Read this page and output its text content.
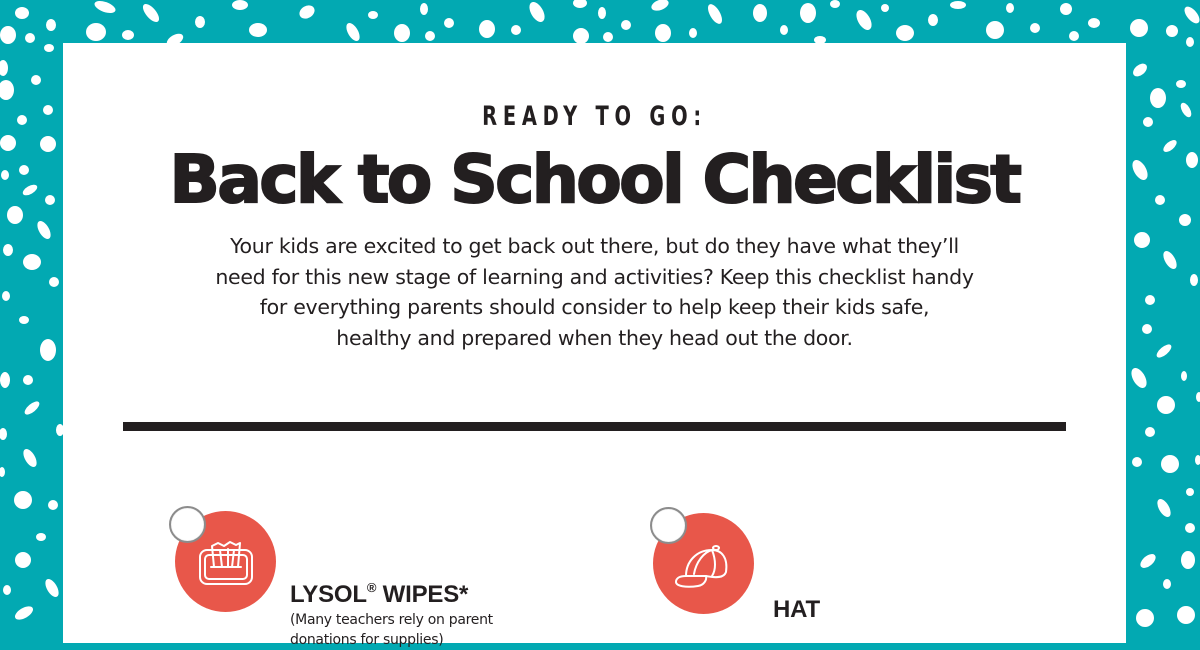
READY TO GO:
Back to School Checklist

Your kids are excited to get back out there, but do they have what they’ll
need for this new stage of learning and activities? Keep this checklist handy
for everything parents should consider to help keep their kids safe,
healthy and prepared when they head out the door.

LYSOL® WIPES*
(Many teachers rely on parent
donations for supplies)
HAT
